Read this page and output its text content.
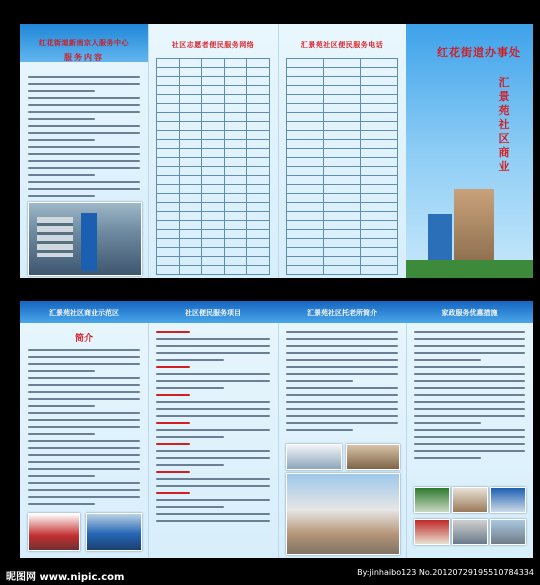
红花街道新南京人服务中心
服务内容
社区志愿者便民服务网络

					汇景苑社区便民服务电话

红花街道办事处
汇
景
苑
社
区
商
业
汇景苑社区商业示范区
简介
社区便民服务项目	汇景苑社区托老所简介	家政服务优惠措施
昵图网 www.nipic.com	By:jinhaibo123 No.20120729195510784334
